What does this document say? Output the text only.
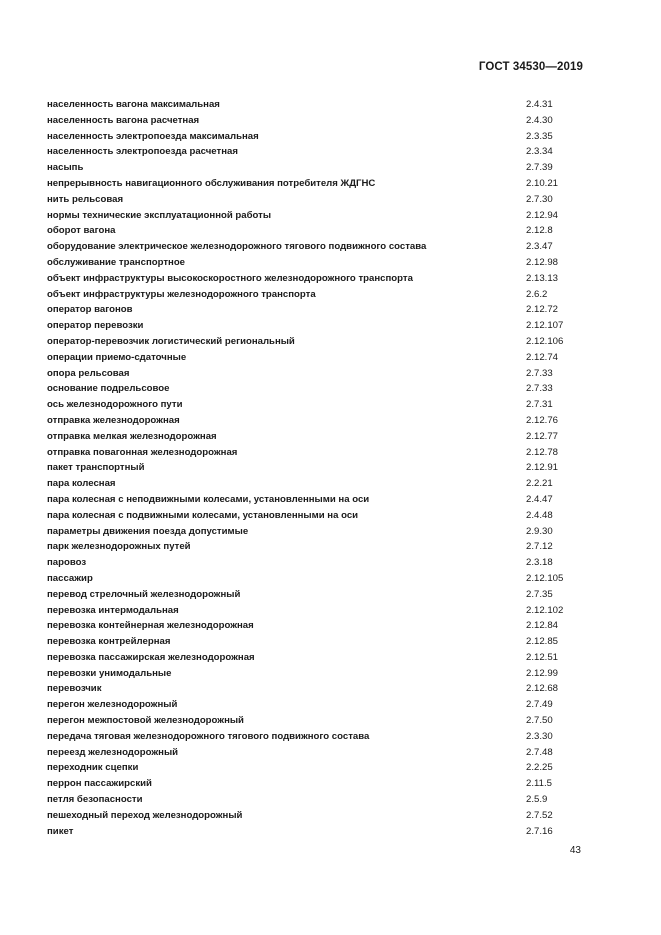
ГОСТ 34530—2019
населенность вагона максимальная	2.4.31
населенность вагона расчетная	2.4.30
населенность электропоезда максимальная	2.3.35
населенность электропоезда расчетная	2.3.34
насыпь	2.7.39
непрерывность навигационного обслуживания потребителя ЖДГНС	2.10.21
нить рельсовая	2.7.30
нормы технические эксплуатационной работы	2.12.94
оборот вагона	2.12.8
оборудование электрическое железнодорожного тягового подвижного состава	2.3.47
обслуживание транспортное	2.12.98
объект инфраструктуры высокоскоростного железнодорожного транспорта	2.13.13
объект инфраструктуры железнодорожного транспорта	2.6.2
оператор вагонов	2.12.72
оператор перевозки	2.12.107
оператор-перевозчик логистический региональный	2.12.106
операции приемо-сдаточные	2.12.74
опора рельсовая	2.7.33
основание подрельсовое	2.7.33
ось железнодорожного пути	2.7.31
отправка железнодорожная	2.12.76
отправка мелкая железнодорожная	2.12.77
отправка повагонная железнодорожная	2.12.78
пакет транспортный	2.12.91
пара колесная	2.2.21
пара колесная с неподвижными колесами, установленными на оси	2.4.47
пара колесная с подвижными колесами, установленными на оси	2.4.48
параметры движения поезда допустимые	2.9.30
парк железнодорожных путей	2.7.12
паровоз	2.3.18
пассажир	2.12.105
перевод стрелочный железнодорожный	2.7.35
перевозка интермодальная	2.12.102
перевозка контейнерная железнодорожная	2.12.84
перевозка контрейлерная	2.12.85
перевозка пассажирская железнодорожная	2.12.51
перевозки унимодальные	2.12.99
перевозчик	2.12.68
перегон железнодорожный	2.7.49
перегон межпостовой железнодорожный	2.7.50
передача тяговая железнодорожного тягового подвижного состава	2.3.30
переезд железнодорожный	2.7.48
переходник сцепки	2.2.25
перрон пассажирский	2.11.5
петля безопасности	2.5.9
пешеходный переход железнодорожный	2.7.52
пикет	2.7.16
43
